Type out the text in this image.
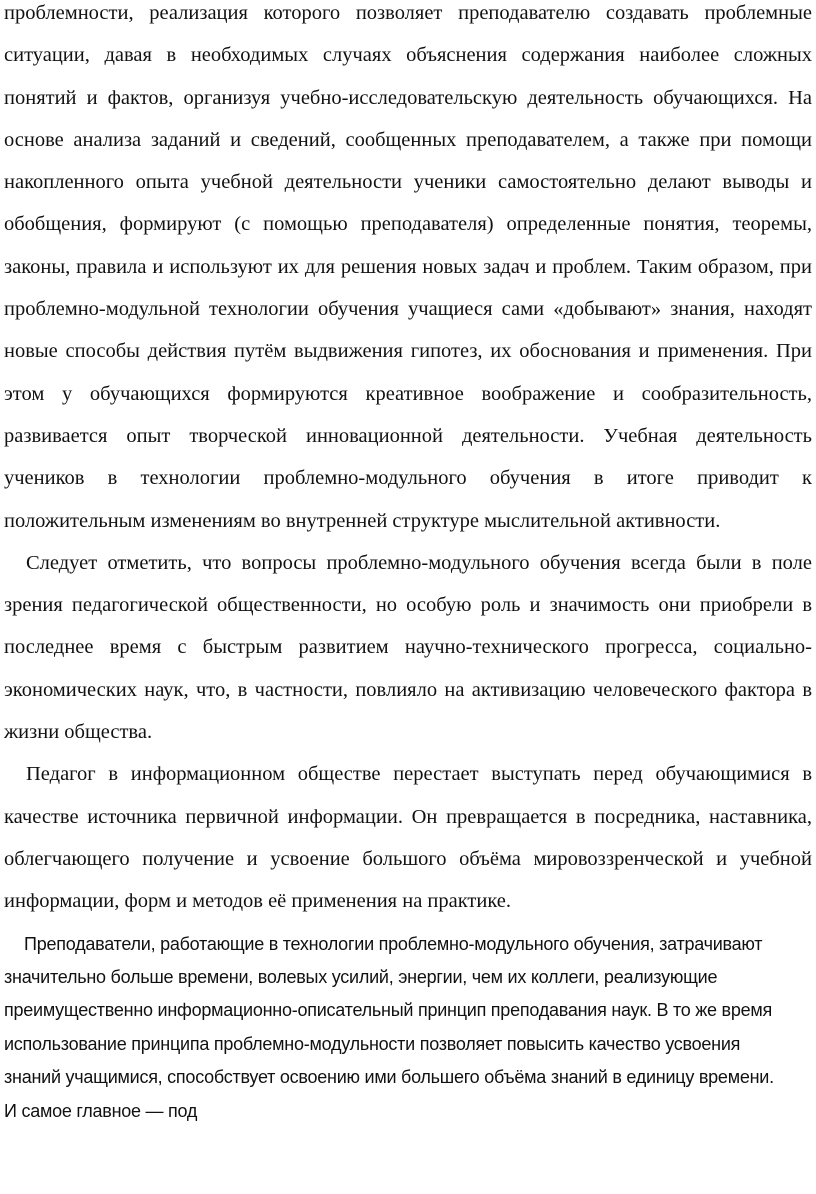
проблемности, реализация которого позволяет преподавателю создавать проблемные ситуации, давая в необходимых случаях объяснения содержания наиболее сложных понятий и фактов, организуя учебно-исследовательскую деятельность обучающихся. На основе анализа заданий и сведений, сообщенных преподавателем, а также при помощи накопленного опыта учебной деятельности ученики самостоятельно делают выводы и обобщения, формируют (с помощью преподавателя) определенные понятия, теоремы, законы, правила и используют их для решения новых задач и проблем. Таким образом, при проблемно-модульной технологии обучения учащиеся сами «добывают» знания, находят новые способы действия путём выдвижения гипотез, их обоснования и применения. При этом у обучающихся формируются креативное воображение и сообразительность, развивается опыт творческой инновационной деятельности. Учебная деятельность учеников в технологии проблемно-модульного обучения в итоге приводит к положительным изменениям во внутренней структуре мыслительной активности.

Следует отметить, что вопросы проблемно-модульного обучения всегда были в поле зрения педагогической общественности, но особую роль и значимость они приобрели в последнее время с быстрым развитием научно-технического прогресса, социально-экономических наук, что, в частности, повлияло на активизацию человеческого фактора в жизни общества.

Педагог в информационном обществе перестает выступать перед обучающимися в качестве источника первичной информации. Он превращается в посредника, наставника, облегчающего получение и усвоение большого объёма мировоззренческой и учебной информации, форм и методов её применения на практике.

Преподаватели, работающие в технологии проблемно-модульного обучения, затрачивают значительно больше времени, волевых усилий, энергии, чем их коллеги, реализующие преимущественно информационно-описательный принцип преподавания наук. В то же время использование принципа проблемно-модульности позволяет повысить качество усвоения знаний учащимися, способствует освоению ими большего объёма знаний в единицу времени. И самое главное — под
